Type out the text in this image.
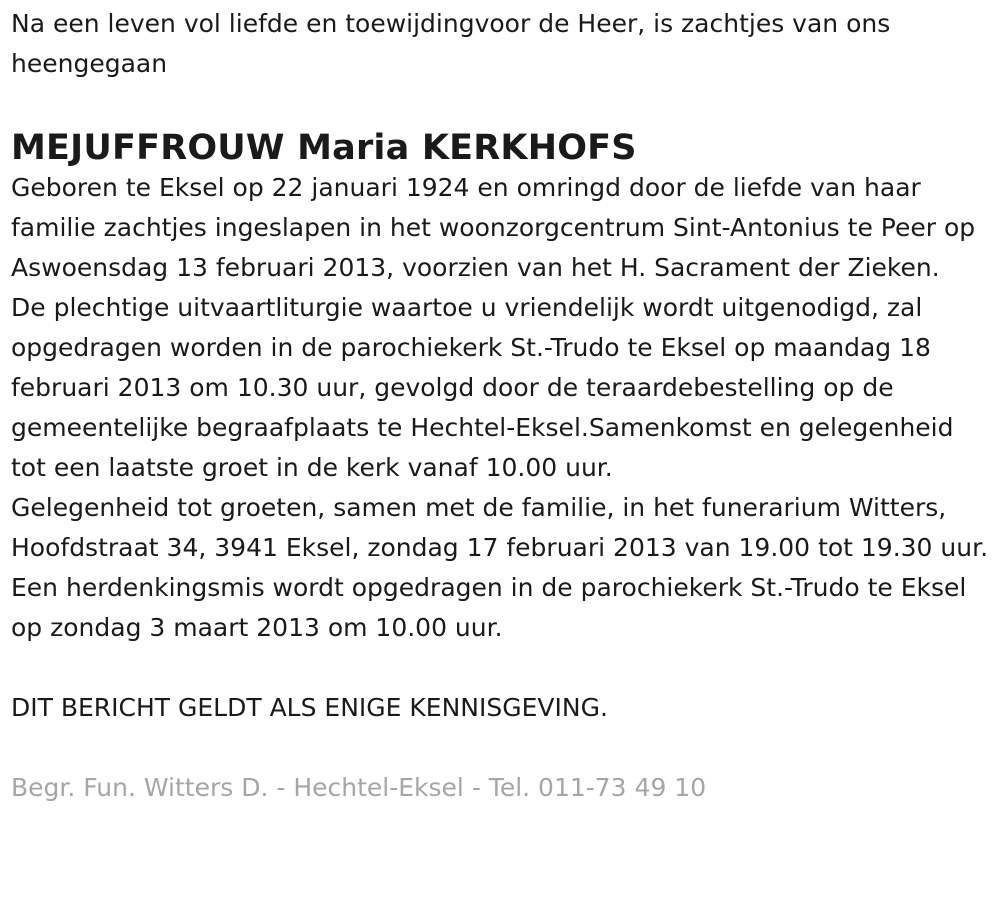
Na een leven vol liefde en toewijdingvoor de Heer, is zachtjes van ons heengegaan

MEJUFFROUW Maria KERKHOFS

Geboren te Eksel op 22 januari 1924 en omringd door de liefde van haar familie zachtjes ingeslapen in het woonzorgcentrum Sint-Antonius te Peer op Aswoensdag 13 februari 2013, voorzien van het H. Sacrament der Zieken.

De plechtige uitvaartliturgie waartoe u vriendelijk wordt uitgenodigd, zal opgedragen worden in de parochiekerk St.-Trudo te Eksel op maandag 18 februari 2013 om 10.30 uur, gevolgd door de teraardebestelling op de gemeentelijke begraafplaats te Hechtel-Eksel.Samenkomst en gelegenheid tot een laatste groet in de kerk vanaf 10.00 uur.

Gelegenheid tot groeten, samen met de familie, in het funerarium Witters, Hoofdstraat 34, 3941 Eksel, zondag 17 februari 2013 van 19.00 tot 19.30 uur.

Een herdenkingsmis wordt opgedragen in de parochiekerk St.-Trudo te Eksel op zondag 3 maart 2013 om 10.00 uur.

DIT BERICHT GELDT ALS ENIGE KENNISGEVING.

Begr. Fun. Witters D. - Hechtel-Eksel - Tel. 011-73 49 10
